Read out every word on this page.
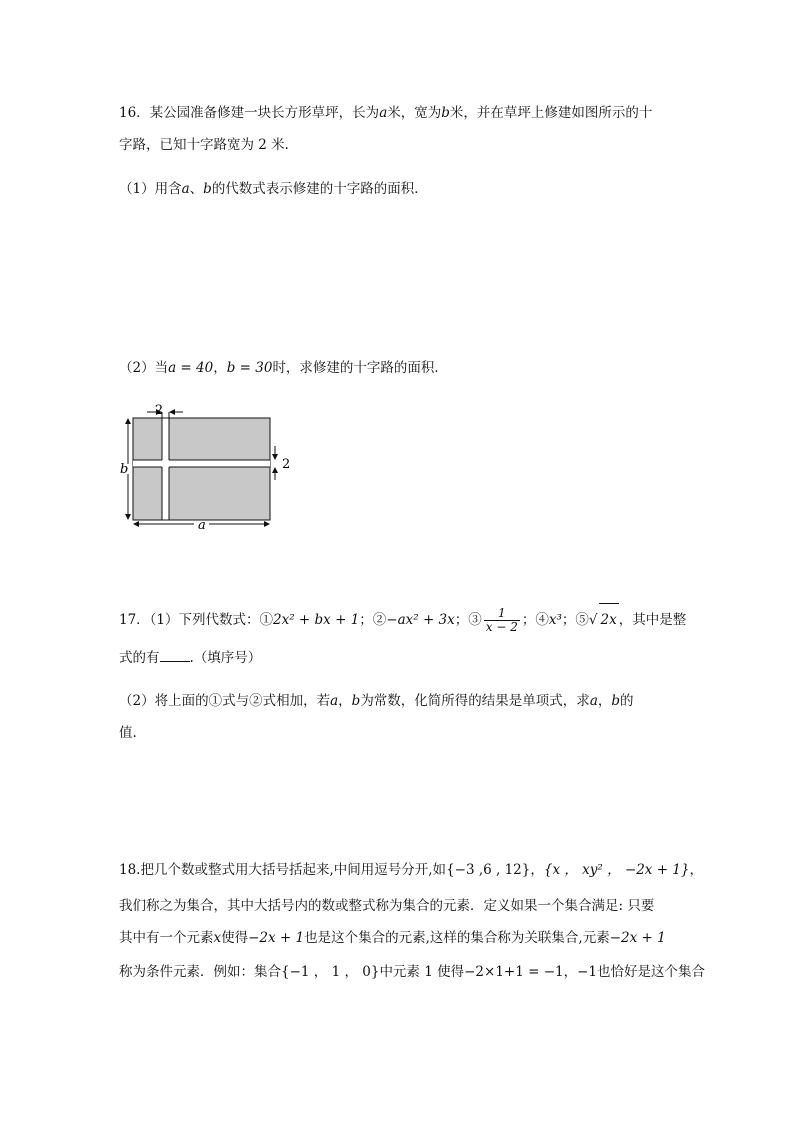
16．某公园准备修建一块长方形草坪，长为a米，宽为b米，并在草坪上修建如图所示的十
字路，已知十字路宽为 2 米．
（1）用含a、b的代数式表示修建的十字路的面积．
（2）当a = 40，b = 30时，求修建的十字路的面积．
2
2
b
a
17．（1）下列代数式：①2x² + bx + 1；②−ax² + 3x；③ $\frac{1}{x - 2}$ ；④x³；⑤√ 2x ，其中是整
式的有 .（填序号）
（2）将上面的①式与②式相加，若a，b为常数，化简所得的结果是单项式，求a，b的
值.
18.把几个数或整式用大括号括起来,中间用逗号分开,如{−3 ,6 , 12}，{x ， xy² ， −2x + 1}，
我们称之为集合，其中大括号内的数或整式称为集合的元素．定义如果一个集合满足: 只要
其中有一个元素x使得−2x + 1也是这个集合的元素,这样的集合称为关联集合,元素−2x + 1
称为条件元素．例如：集合{−1 ， 1 ， 0}中元素 1 使得−2×1+1 = −1，−1也恰好是这个集合
